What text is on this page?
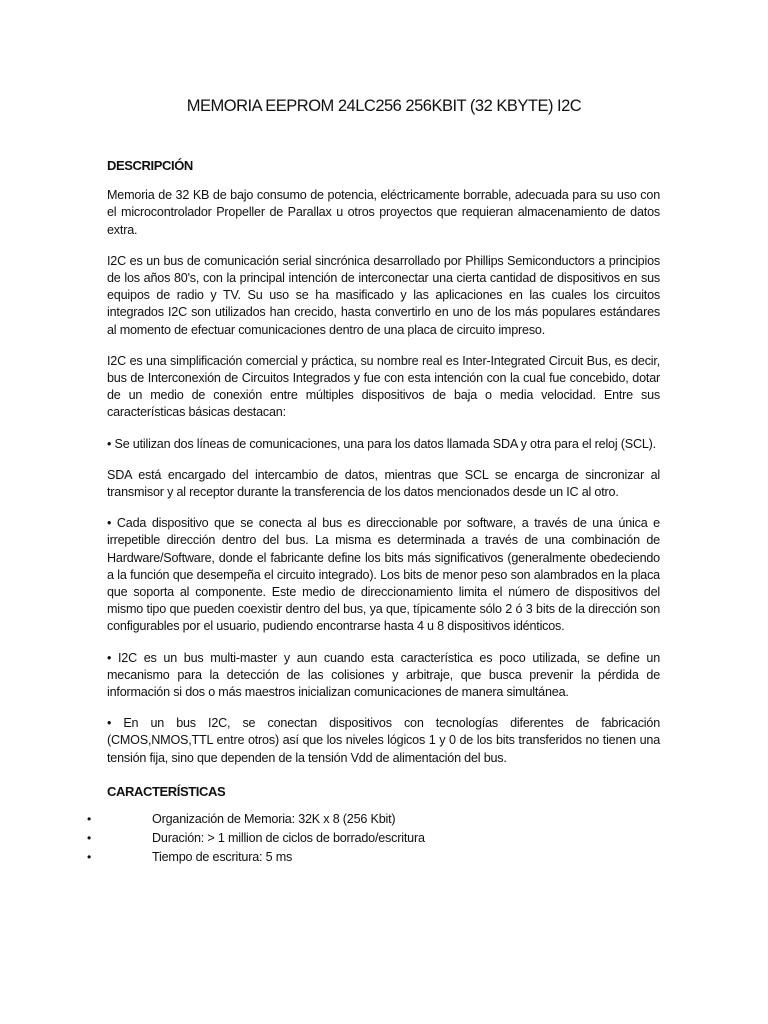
MEMORIA EEPROM 24LC256 256KBIT (32 KBYTE) I2C
DESCRIPCIÓN

Memoria de 32 KB de bajo consumo de potencia, eléctricamente borrable, adecuada para su uso con el microcontrolador Propeller de Parallax u otros proyectos que requieran almacenamiento de datos extra.

I2C es un bus de comunicación serial sincrónica desarrollado por Phillips Semiconductors a principios de los años 80's, con la principal intención de interconectar una cierta cantidad de dispositivos en sus equipos de radio y TV. Su uso se ha masificado y las aplicaciones en las cuales los circuitos integrados I2C son utilizados han crecido, hasta convertirlo en uno de los más populares estándares al momento de efectuar comunicaciones dentro de una placa de circuito impreso.

I2C es una simplificación comercial y práctica, su nombre real es Inter-Integrated Circuit Bus, es decir, bus de Interconexión de Circuitos Integrados y fue con esta intención con la cual fue concebido, dotar de un medio de conexión entre múltiples dispositivos de baja o media velocidad. Entre sus características básicas destacan:

• Se utilizan dos líneas de comunicaciones, una para los datos llamada SDA y otra para el reloj (SCL).

SDA está encargado del intercambio de datos, mientras que SCL se encarga de sincronizar al transmisor y al receptor durante la transferencia de los datos mencionados desde un IC al otro.

• Cada dispositivo que se conecta al bus es direccionable por software, a través de una única e irrepetible dirección dentro del bus. La misma es determinada a través de una combinación de Hardware/Software, donde el fabricante define los bits más significativos (generalmente obedeciendo a la función que desempeña el circuito integrado). Los bits de menor peso son alambrados en la placa que soporta al componente. Este medio de direccionamiento limita el número de dispositivos del mismo tipo que pueden coexistir dentro del bus, ya que, típicamente sólo 2 ó 3 bits de la dirección son configurables por el usuario, pudiendo encontrarse hasta 4 u 8 dispositivos idénticos.

• I2C es un bus multi-master y aun cuando esta característica es poco utilizada, se define un mecanismo para la detección de las colisiones y arbitraje, que busca prevenir la pérdida de información si dos o más maestros inicializan comunicaciones de manera simultánea.

• En un bus I2C, se conectan dispositivos con tecnologías diferentes de fabricación (CMOS,NMOS,TTL entre otros) así que los niveles lógicos 1 y 0 de los bits transferidos no tienen una tensión fija, sino que dependen de la tensión Vdd de alimentación del bus.

CARACTERÍSTICAS
•	Organización de Memoria: 32K x 8 (256 Kbit)
•	Duración: > 1 million de ciclos de borrado/escritura
•	Tiempo de escritura: 5 ms
